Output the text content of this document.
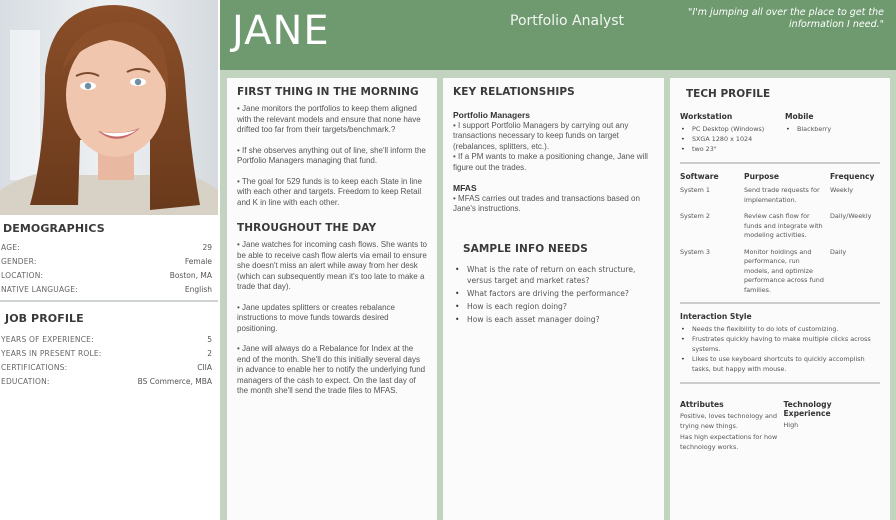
DEMOGRAPHICS
AGE:	29
GENDER:	Female
LOCATION:	Boston, MA
NATIVE LANGUAGE:	English
JOB PROFILE
YEARS OF EXPERIENCE:	5
YEARS IN PRESENT ROLE:	2
CERTIFICATIONS:	CIIA
EDUCATION:	BS Commerce, MBA
JANE	Portfolio Analyst
"I'm jumping all over the place to get the information I need."
FIRST THING IN THE MORNING

• Jane monitors the portfolios to keep them aligned with the relevant models and ensure that none have drifted too far from their targets/benchmark.?

• If she observes anything out of line, she'll inform the Portfolio Managers managing that fund.

• The goal for 529 funds is to keep each State in line with each other and targets. Freedom to keep Retail and K in line with each other.

THROUGHOUT THE DAY

• Jane watches for incoming cash flows. She wants to be able to receive cash flow alerts via email to ensure she doesn't miss an alert while away from her desk (which can subsequently mean it's too late to make a trade that day).

• Jane updates splitters or creates rebalance instructions to move funds towards desired positioning.

• Jane will always do a Rebalance for Index at the end of the month. She'll do this initially several days in advance to enable her to notify the underlying fund managers of the cash to expect. On the last day of the month she'll send the trade files to MFAS.

KEY RELATIONSHIPS
Portfolio Managers

• I support Portfolio Managers by carrying out any transactions necessary to keep funds on target (rebalances, splitters, etc.).

• If a PM wants to make a positioning change, Jane will figure out the trades.

MFAS

• MFAS carries out trades and transactions based on Jane's instructions.

SAMPLE INFO NEEDS
• What is the rate of return on each structure, versus target and market rates?
• What factors are driving the performance?
• How is each region doing?
• How is each asset manager doing?
TECH PROFILE
Workstation
• PC Desktop (Windows)
• SXGA 1280 x 1024
• two 23"
Mobile
• Blackberry
Software	Purpose	Frequency
System 1	Send trade requests for implementation.	Weekly
System 2	Review cash flow for funds and integrate with modeling activities.	Daily/Weekly
System 3	Monitor holdings and performance, run models, and optimize performance across fund families.	Daily
Interaction Style
• Needs the flexibility to do lots of customizing.
• Frustrates quickly having to make multiple clicks across systems.
• Likes to use keyboard shortcuts to quickly accomplish tasks, but happy with mouse.
Attributes

Positive, loves technology and trying new things.

Has high expectations for how technology works.

Technology Experience

High
